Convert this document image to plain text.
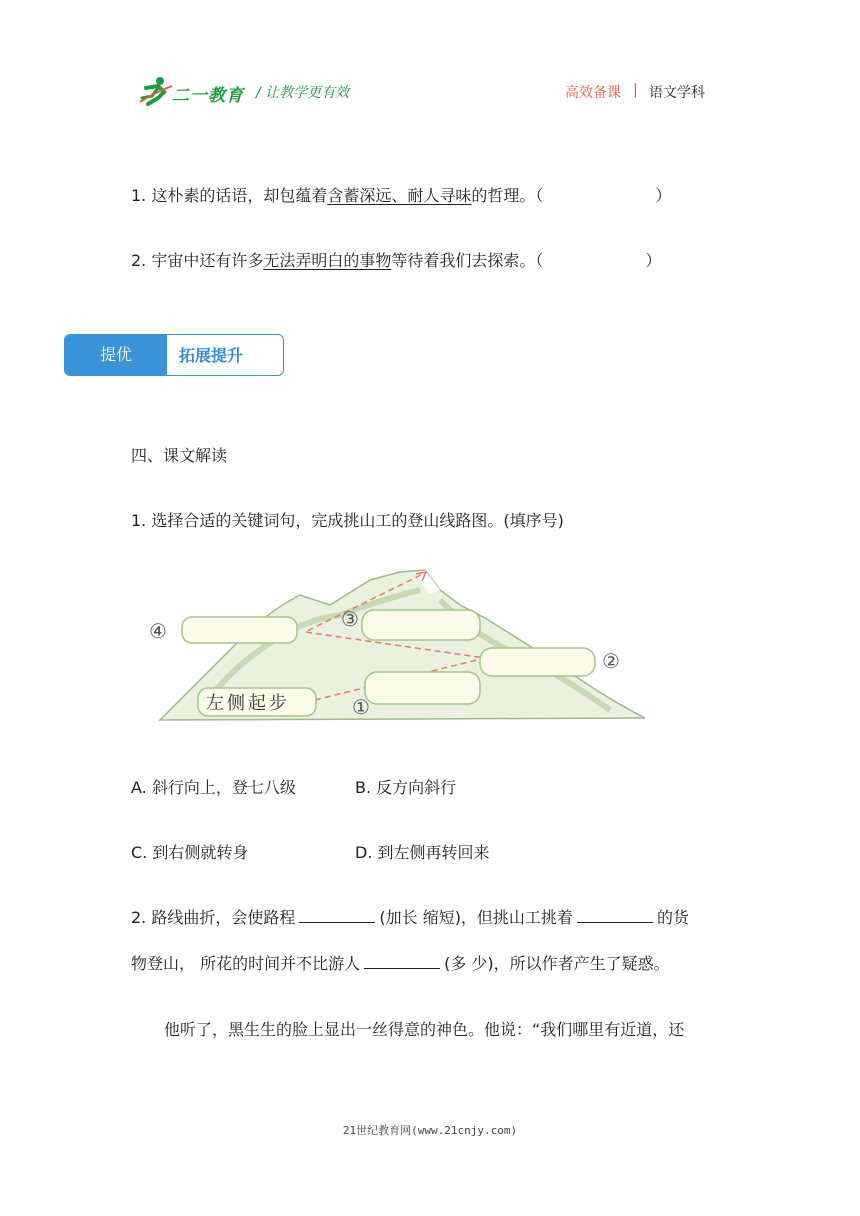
二一教育 / 让教学更有效	高效备课 | 语文学科
1. 这朴素的话语，却包蕴着含蓄深远、耐人寻味的哲理。（	）
2. 宇宙中还有许多无法弄明白的事物等待着我们去探索。（	）
提优	拓展提升
四、课文解读
1. 选择合适的关键词句，完成挑山工的登山线路图。(填序号)
左侧起步	①
②
③
④
A. 斜行向上，登七八级	B. 反方向斜行
C. 到右侧就转身	D. 到左侧再转回来
2. 路线曲折，会使路程	(加长 缩短)，但挑山工挑着	的货
物登山， 所花的时间并不比游人	(多 少)，所以作者产生了疑惑。
他听了，黑生生的脸上显出一丝得意的神色。他说：“我们哪里有近道，还
21世纪教育网(www.21cnjy.com)
